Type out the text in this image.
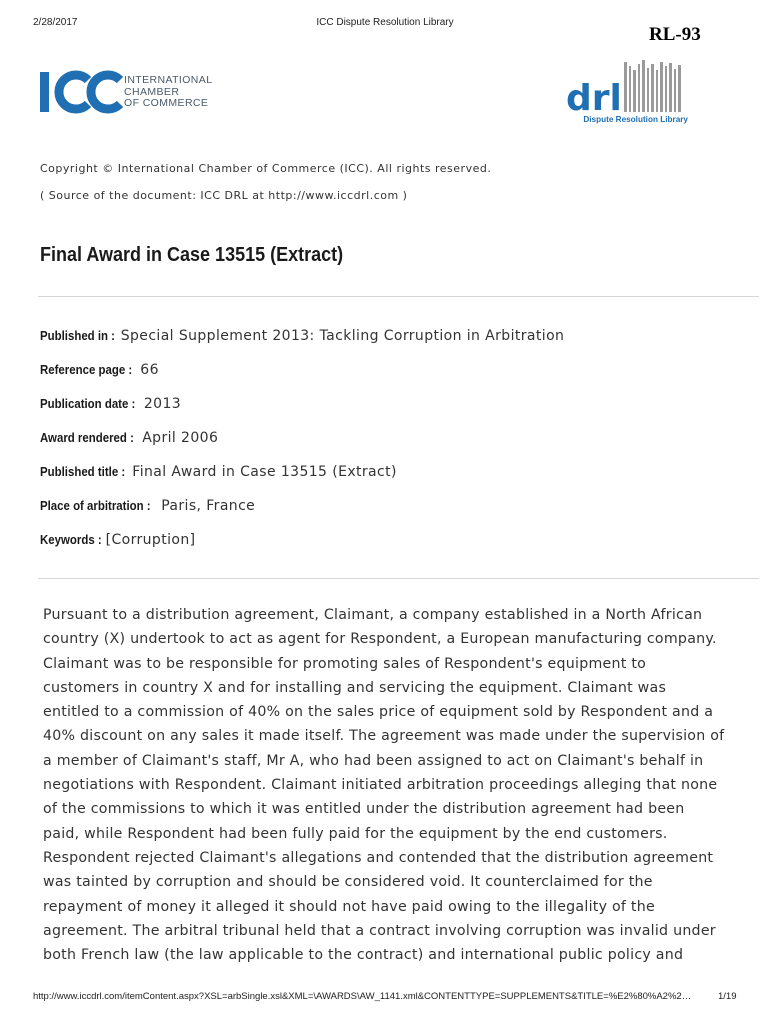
2/28/2017	ICC Dispute Resolution Library
RL-93
INTERNATIONAL
CHAMBER
OF COMMERCE	drl
Dispute Resolution Library
Copyright © International Chamber of Commerce (ICC). All rights reserved.
( Source of the document: ICC DRL at http://www.iccdrl.com )
Final Award in Case 13515 (Extract)
Published in : Special Supplement 2013: Tackling Corruption in Arbitration
Reference page : 66
Publication date : 2013
Award rendered : April 2006
Published title : Final Award in Case 13515 (Extract)
Place of arbitration : Paris, France
Keywords : [Corruption]
Pursuant to a distribution agreement, Claimant, a company established in a North African
country (X) undertook to act as agent for Respondent, a European manufacturing company.
Claimant was to be responsible for promoting sales of Respondent's equipment to
customers in country X and for installing and servicing the equipment. Claimant was
entitled to a commission of 40% on the sales price of equipment sold by Respondent and a
40% discount on any sales it made itself. The agreement was made under the supervision of
a member of Claimant's staff, Mr A, who had been assigned to act on Claimant's behalf in
negotiations with Respondent. Claimant initiated arbitration proceedings alleging that none
of the commissions to which it was entitled under the distribution agreement had been
paid, while Respondent had been fully paid for the equipment by the end customers.
Respondent rejected Claimant's allegations and contended that the distribution agreement
was tainted by corruption and should be considered void. It counterclaimed for the
repayment of money it alleged it should not have paid owing to the illegality of the
agreement. The arbitral tribunal held that a contract involving corruption was invalid under
both French law (the law applicable to the contract) and international public policy and
http://www.iccdrl.com/itemContent.aspx?XSL=arbSingle.xsl&XML=\AWARDS\AW_1141.xml&CONTENTTYPE=SUPPLEMENTS&TITLE=%E2%80%A2%2…	1/19
